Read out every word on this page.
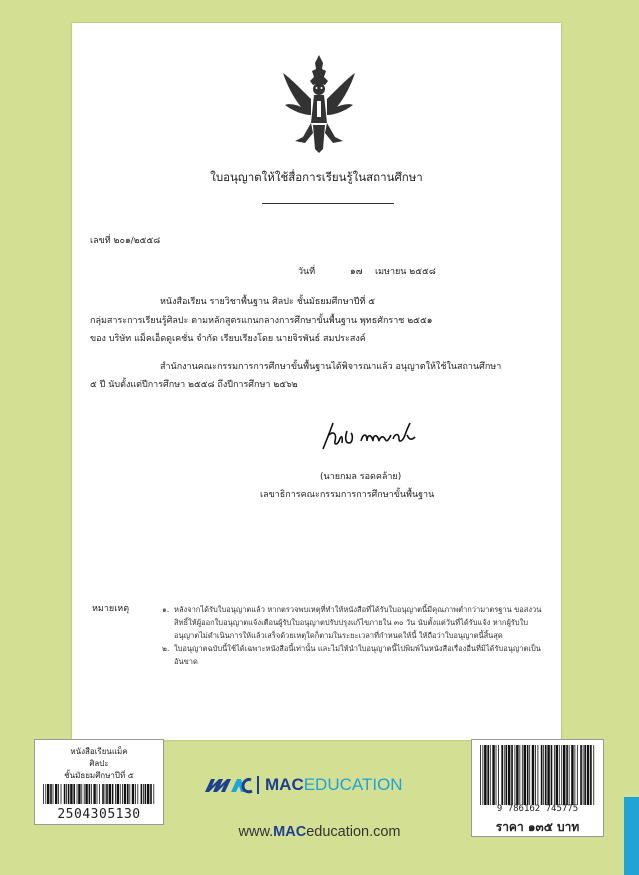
ใบอนุญาตให้ใช้สื่อการเรียนรู้ในสถานศึกษา
เลขที่ ๒๐๑/๒๕๕๘
วันที่	๑๗ เมษายน ๒๕๕๘
หนังสือเรียน รายวิชาพื้นฐาน ศิลปะ ชั้นมัธยมศึกษาปีที่ ๕
กลุ่มสาระการเรียนรู้ศิลปะ ตามหลักสูตรแกนกลางการศึกษาขั้นพื้นฐาน พุทธศักราช ๒๕๕๑
ของ บริษัท แม็คเอ็ดดูเคชั่น จำกัด เรียบเรียงโดย นายจิรพันธ์ สมประสงค์
สำนักงานคณะกรรมการการศึกษาขั้นพื้นฐานได้พิจารณาแล้ว อนุญาตให้ใช้ในสถานศึกษา
๕ ปี นับตั้งแต่ปีการศึกษา ๒๕๕๘ ถึงปีการศึกษา ๒๕๖๒
(นายกมล รอดคล้าย)
เลขาธิการคณะกรรมการการศึกษาขั้นพื้นฐาน
หมายเหตุ	๑. หลังจากได้รับใบอนุญาตแล้ว หากตรวจพบเหตุที่ทำให้หนังสือที่ได้รับใบอนุญาตนี้มีคุณภาพต่ำกว่ามาตรฐาน ขอสงวนสิทธิ์ให้ผู้ออกใบอนุญาตแจ้งเตือนผู้รับใบอนุญาตปรับปรุงแก้ไขภายใน ๓๐ วัน นับตั้งแต่วันที่ได้รับแจ้ง หากผู้รับใบอนุญาตไม่ดำเนินการให้แล้วเสร็จด้วยเหตุใดก็ตามในระยะเวลาที่กำหนดให้นี้ ให้ถือว่าใบอนุญาตนี้สิ้นสุด
๒. ใบอนุญาตฉบับนี้ใช้ได้เฉพาะหนังสือนี้เท่านั้น และไม่ให้นำใบอนุญาตนี้ไปพิมพ์ในหนังสือเรื่องอื่นที่มิได้รับอนุญาตเป็นอันขาด
หนังสือเรียนแม็ค
ศิลปะ
ชั้นมัธยมศึกษาปีที่ ๕
2504305130
MAC EDUCATION
www.MACeducation.com
9 786162 745775
ราคา ๑๓๕ บาท
